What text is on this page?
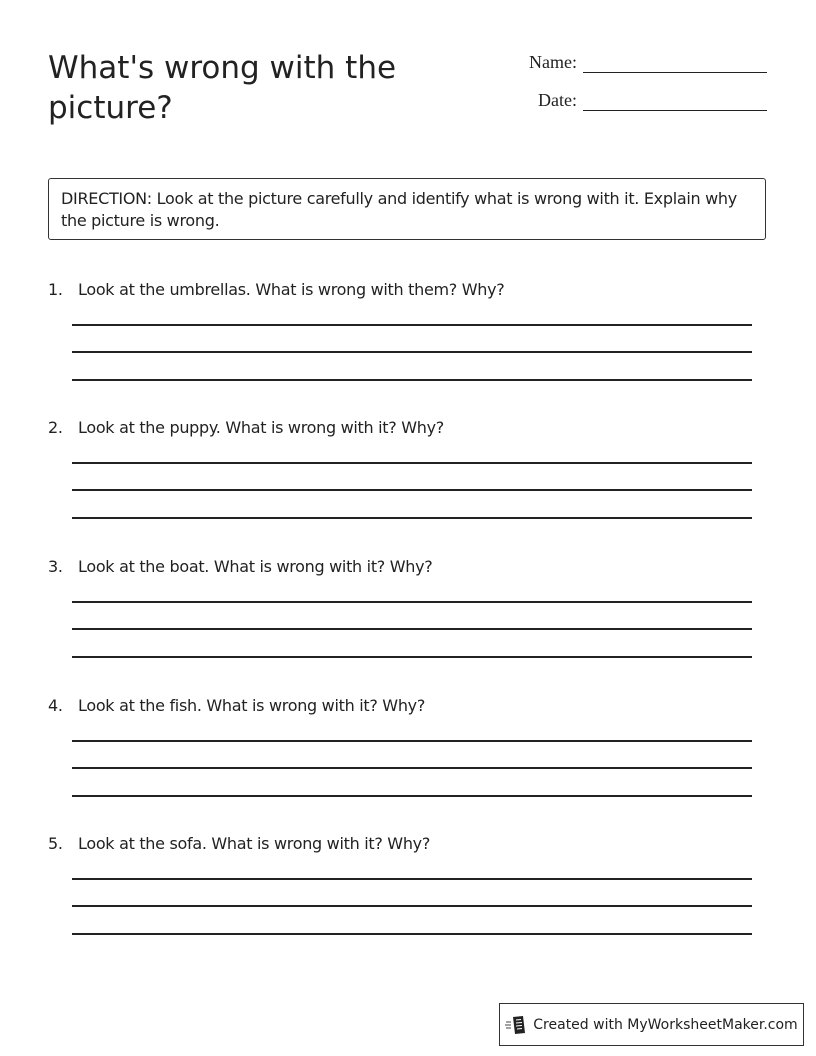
What's wrong with the picture?
Name:
Date:
DIRECTION: Look at the picture carefully and identify what is wrong with it. Explain why the picture is wrong.
1. Look at the umbrellas. What is wrong with them? Why?
2. Look at the puppy. What is wrong with it? Why?
3. Look at the boat. What is wrong with it? Why?
4. Look at the fish. What is wrong with it? Why?
5. Look at the sofa. What is wrong with it? Why?
Created with MyWorksheetMaker.com
